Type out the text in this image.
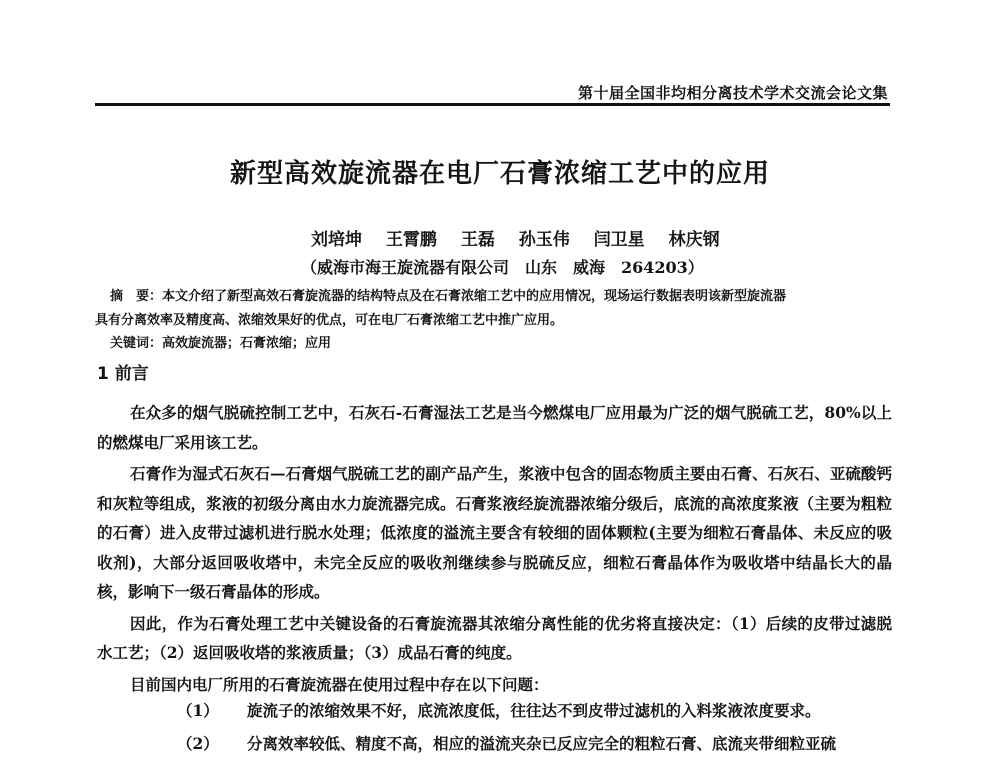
第十届全国非均相分离技术学术交流会论文集
新型高效旋流器在电厂石膏浓缩工艺中的应用
刘培坤 王霄鹏 王磊 孙玉伟 闫卫星 林庆钢
（威海市海王旋流器有限公司　山东　威海　264203）
摘　要：本文介绍了新型高效石膏旋流器的结构特点及在石膏浓缩工艺中的应用情况，现场运行数据表明该新型旋流器
具有分离效率及精度高、浓缩效果好的优点，可在电厂石膏浓缩工艺中推广应用。
关键词：高效旋流器；石膏浓缩；应用
1 前言

在众多的烟气脱硫控制工艺中，石灰石-石膏湿法工艺是当今燃煤电厂应用最为广泛的烟气脱硫工艺，80%以上的燃煤电厂采用该工艺。

石膏作为湿式石灰石—石膏烟气脱硫工艺的副产品产生，浆液中包含的固态物质主要由石膏、石灰石、亚硫酸钙和灰粒等组成，浆液的初级分离由水力旋流器完成。石膏浆液经旋流器浓缩分级后，底流的高浓度浆液（主要为粗粒的石膏）进入皮带过滤机进行脱水处理；低浓度的溢流主要含有较细的固体颗粒(主要为细粒石膏晶体、未反应的吸收剂)，大部分返回吸收塔中，未完全反应的吸收剂继续参与脱硫反应，细粒石膏晶体作为吸收塔中结晶长大的晶核，影响下一级石膏晶体的形成。

因此，作为石膏处理工艺中关键设备的石膏旋流器其浓缩分离性能的优劣将直接决定：（1）后续的皮带过滤脱水工艺；（2）返回吸收塔的浆液质量；（3）成品石膏的纯度。

目前国内电厂所用的石膏旋流器在使用过程中存在以下问题：

（1）	旋流子的浓缩效果不好，底流浓度低，往往达不到皮带过滤机的入料浆液浓度要求。
（2）	分离效率较低、精度不高，相应的溢流夹杂已反应完全的粗粒石膏、底流夹带细粒亚硫
